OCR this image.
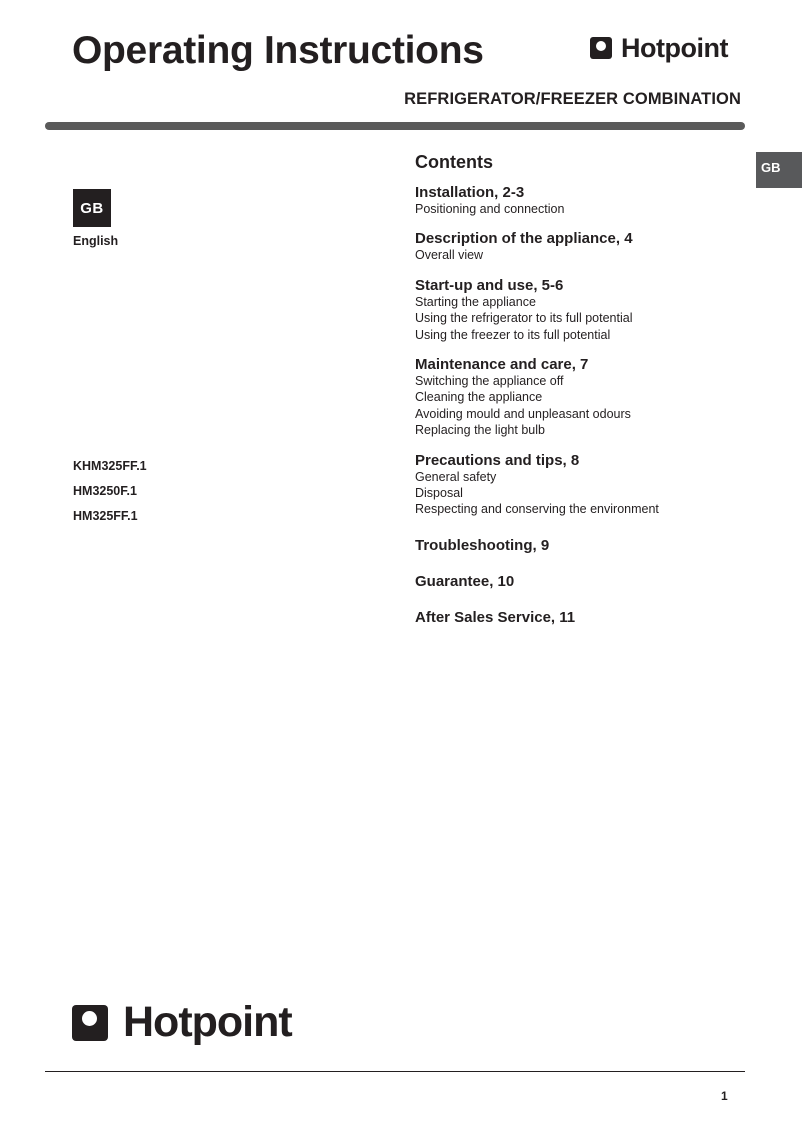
Operating Instructions	Hotpoint
REFRIGERATOR/FREEZER COMBINATION
GB
GB
English
KHM325FF.1
HM3250F.1
HM325FF.1
Contents
Installation, 2-3
Positioning and connection
Description of the appliance, 4
Overall view
Start-up and use, 5-6
Starting the appliance
Using the refrigerator to its full potential
Using the freezer to its full potential
Maintenance and care, 7
Switching the appliance off
Cleaning the appliance
Avoiding mould and unpleasant odours
Replacing the light bulb
Precautions and tips, 8
General safety
Disposal
Respecting and conserving the environment
Troubleshooting, 9
Guarantee, 10
After Sales Service, 11
Hotpoint
1
